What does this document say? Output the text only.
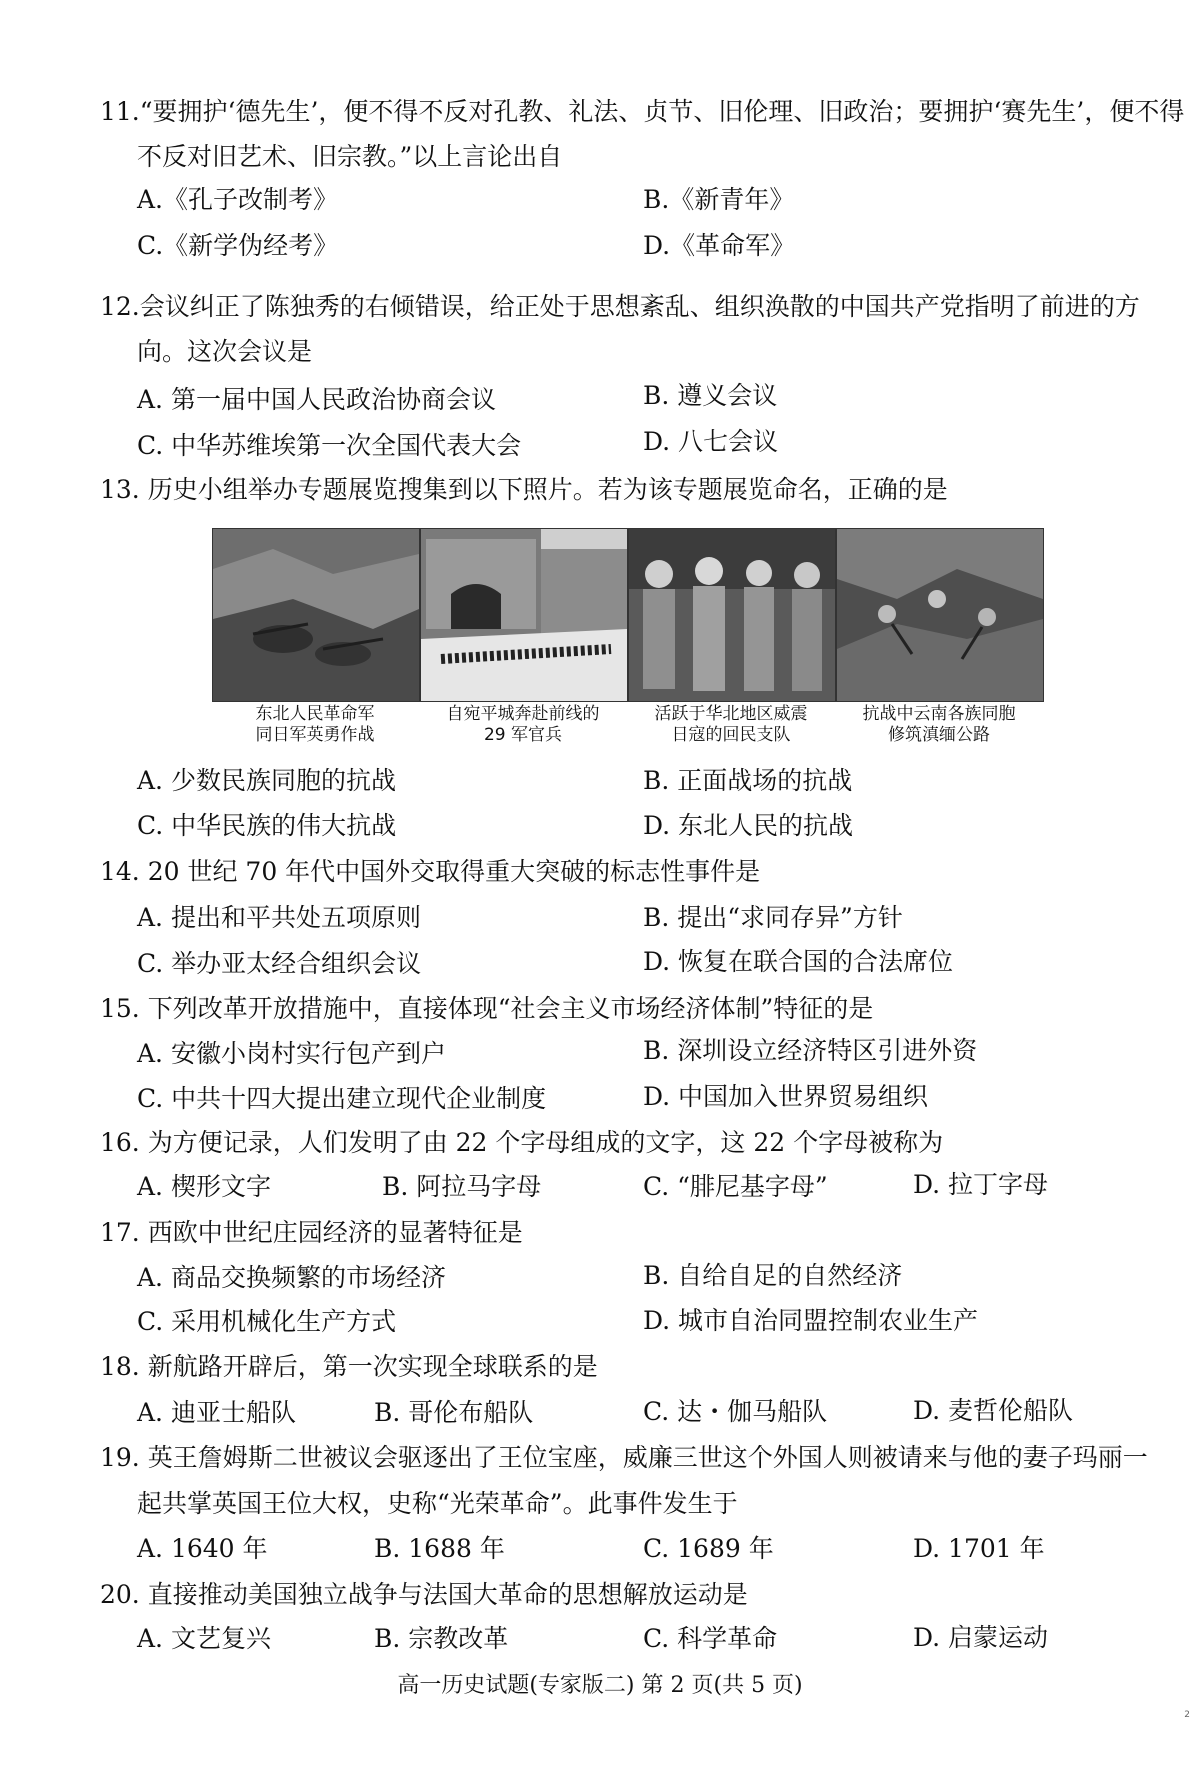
11.“要拥护‘德先生’，便不得不反对孔教、礼法、贞节、旧伦理、旧政治；要拥护‘赛先生’，便不得
不反对旧艺术、旧宗教。”以上言论出自
A.《孔子改制考》	B.《新青年》
C.《新学伪经考》	D.《革命军》
12.会议纠正了陈独秀的右倾错误，给正处于思想紊乱、组织涣散的中国共产党指明了前进的方
向。这次会议是
A. 第一届中国人民政治协商会议	B. 遵义会议
C. 中华苏维埃第一次全国代表大会	D. 八七会议
13. 历史小组举办专题展览搜集到以下照片。若为该专题展览命名，正确的是
东北人民革命军
同日军英勇作战
自宛平城奔赴前线的
29 军官兵
活跃于华北地区威震
日寇的回民支队
抗战中云南各族同胞
修筑滇缅公路
A. 少数民族同胞的抗战	B. 正面战场的抗战
C. 中华民族的伟大抗战	D. 东北人民的抗战
14. 20 世纪 70 年代中国外交取得重大突破的标志性事件是
A. 提出和平共处五项原则	B. 提出“求同存异”方针
C. 举办亚太经合组织会议	D. 恢复在联合国的合法席位
15. 下列改革开放措施中，直接体现“社会主义市场经济体制”特征的是
A. 安徽小岗村实行包产到户	B. 深圳设立经济特区引进外资
C. 中共十四大提出建立现代企业制度	D. 中国加入世界贸易组织
16. 为方便记录，人们发明了由 22 个字母组成的文字，这 22 个字母被称为
A. 楔形文字	B. 阿拉马字母	C. “腓尼基字母”	D. 拉丁字母
17. 西欧中世纪庄园经济的显著特征是
A. 商品交换频繁的市场经济	B. 自给自足的自然经济
C. 采用机械化生产方式	D. 城市自治同盟控制农业生产
18. 新航路开辟后，第一次实现全球联系的是
A. 迪亚士船队	B. 哥伦布船队	C. 达・伽马船队	D. 麦哲伦船队
19. 英王詹姆斯二世被议会驱逐出了王位宝座，威廉三世这个外国人则被请来与他的妻子玛丽一
起共掌英国王位大权，史称“光荣革命”。此事件发生于
A. 1640 年	B. 1688 年	C. 1689 年	D. 1701 年
20. 直接推动美国独立战争与法国大革命的思想解放运动是
A. 文艺复兴	B. 宗教改革	C. 科学革命	D. 启蒙运动
高一历史试题(专家版二) 第 2 页(共 5 页)
2
